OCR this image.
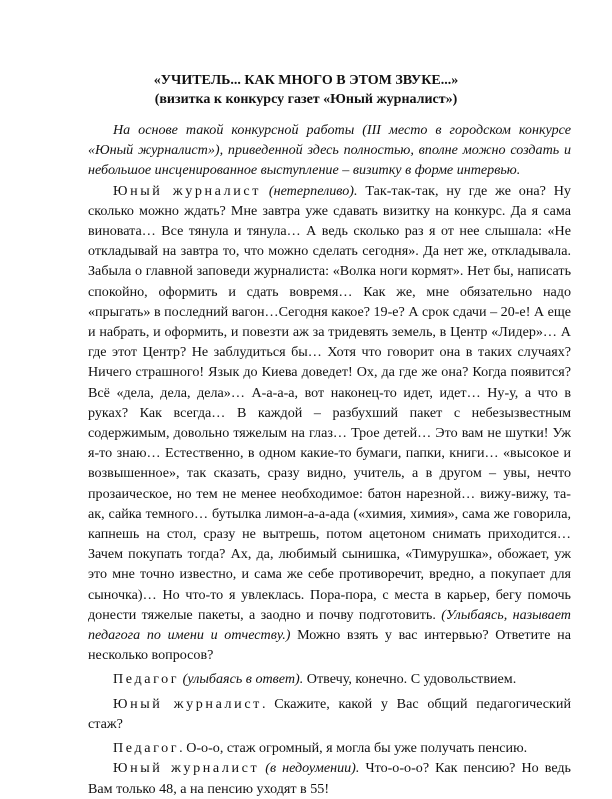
«УЧИТЕЛЬ... КАК МНОГО В ЭТОМ ЗВУКЕ...»
(визитка к конкурсу газет «Юный журналист»)

На основе такой конкурсной работы (III место в городском конкурсе «Юный журналист»), приведенной здесь полностью, вполне можно создать и небольшое инсценированное выступление – визитку в форме интервью.

Юный журналист (нетерпеливо). Так-так-так, ну где же она? Ну сколько можно ждать? Мне завтра уже сдавать визитку на конкурс. Да я сама виновата… Все тянула и тянула… А ведь сколько раз я от нее слышала: «Не откладывай на завтра то, что можно сделать сегодня». Да нет же, откладывала. Забыла о главной заповеди журналиста: «Волка ноги кормят». Нет бы, написать спокойно, оформить и сдать вовремя… Как же, мне обязательно надо «прыгать» в последний вагон…Сегодня какое? 19-е? А срок сдачи – 20-е! А еще и набрать, и оформить, и повезти аж за тридевять земель, в Центр «Лидер»… А где этот Центр? Не заблудиться бы… Хотя что говорит она в таких случаях? Ничего страшного! Язык до Киева доведет! Ох, да где же она? Когда появится? Всё «дела, дела, дела»… А-а-а-а, вот наконец-то идет, идет… Ну-у, а что в руках? Как всегда… В каждой – разбухший пакет с небезызвестным содержимым, довольно тяжелым на глаз… Трое детей… Это вам не шутки! Уж я-то знаю… Естественно, в одном какие-то бумаги, папки, книги… «высокое и возвышенное», так сказать, сразу видно, учитель, а в другом – увы, нечто прозаическое, но тем не менее необходимое: батон нарезной… вижу-вижу, та-ак, сайка темного… бутылка лимон-а-а-ада («химия, химия», сама же говорила, капнешь на стол, сразу не вытрешь, потом ацетоном снимать приходится… Зачем покупать тогда? Ах, да, любимый сынишка, «Тимурушка», обожает, уж это мне точно известно, и сама же себе противоречит, вредно, а покупает для сыночка)… Но что-то я увлеклась. Пора-пора, с места в карьер, бегу помочь донести тяжелые пакеты, а заодно и почву подготовить. (Улыбаясь, называет педагога по имени и отчеству.) Можно взять у вас интервью? Ответите на несколько вопросов?

Педагог (улыбаясь в ответ). Отвечу, конечно. С удовольствием.

Юный журналист. Скажите, какой у Вас общий педагогический стаж?

Педагог. О-о-о, стаж огромный, я могла бы уже получать пенсию.

Юный журналист (в недоумении). Что-о-о-о? Как пенсию? Но ведь Вам только 48, а на пенсию уходят в 55!
